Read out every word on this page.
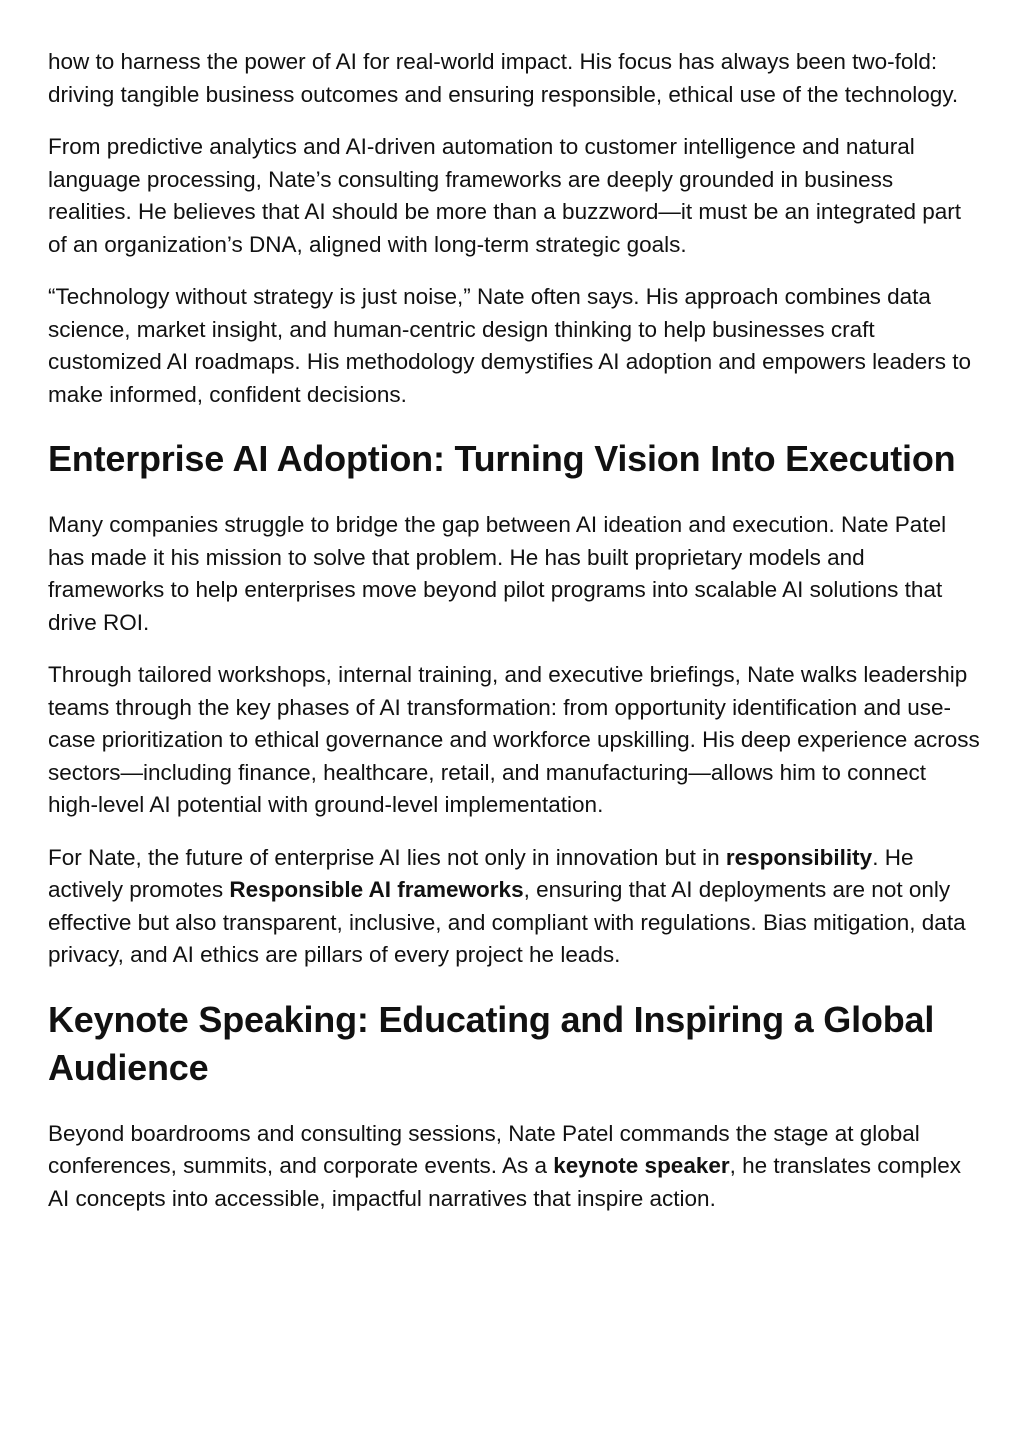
how to harness the power of AI for real-world impact. His focus has always been two-fold: driving tangible business outcomes and ensuring responsible, ethical use of the technology.

From predictive analytics and AI-driven automation to customer intelligence and natural language processing, Nate’s consulting frameworks are deeply grounded in business realities. He believes that AI should be more than a buzzword—it must be an integrated part of an organization’s DNA, aligned with long-term strategic goals.

“Technology without strategy is just noise,” Nate often says. His approach combines data science, market insight, and human-centric design thinking to help businesses craft customized AI roadmaps. His methodology demystifies AI adoption and empowers leaders to make informed, confident decisions.

Enterprise AI Adoption: Turning Vision Into Execution

Many companies struggle to bridge the gap between AI ideation and execution. Nate Patel has made it his mission to solve that problem. He has built proprietary models and frameworks to help enterprises move beyond pilot programs into scalable AI solutions that drive ROI.

Through tailored workshops, internal training, and executive briefings, Nate walks leadership teams through the key phases of AI transformation: from opportunity identification and use-case prioritization to ethical governance and workforce upskilling. His deep experience across sectors—including finance, healthcare, retail, and manufacturing—allows him to connect high-level AI potential with ground-level implementation.

For Nate, the future of enterprise AI lies not only in innovation but in responsibility. He actively promotes Responsible AI frameworks, ensuring that AI deployments are not only effective but also transparent, inclusive, and compliant with regulations. Bias mitigation, data privacy, and AI ethics are pillars of every project he leads.

Keynote Speaking: Educating and Inspiring a Global Audience

Beyond boardrooms and consulting sessions, Nate Patel commands the stage at global conferences, summits, and corporate events. As a keynote speaker, he translates complex AI concepts into accessible, impactful narratives that inspire action.
